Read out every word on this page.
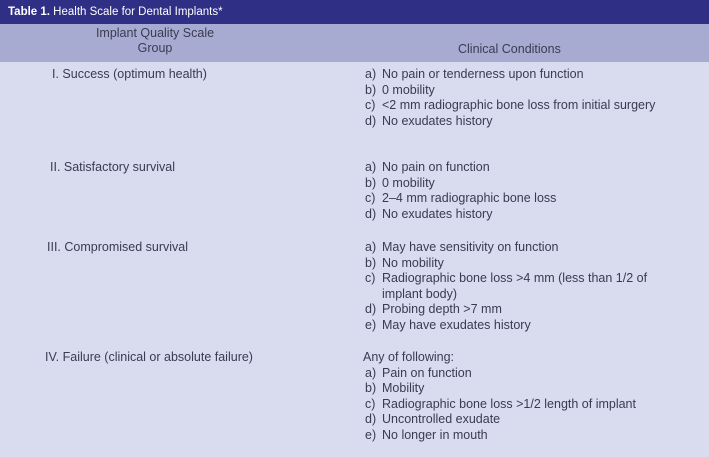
Table 1. Health Scale for Dental Implants*
Implant Quality Scale
Group	Clinical Conditions
I. Success (optimum health)	a) No pain or tenderness upon function
b) 0 mobility
c) <2 mm radiographic bone loss from initial surgery
d) No exudates history
II. Satisfactory survival	a) No pain on function
b) 0 mobility
c) 2–4 mm radiographic bone loss
d) No exudates history
III. Compromised survival	a) May have sensitivity on function
b) No mobility
c) Radiographic bone loss >4 mm (less than 1/2 of implant body)
d) Probing depth >7 mm
e) May have exudates history
IV. Failure (clinical or absolute failure)	Any of following:
a) Pain on function
b) Mobility
c) Radiographic bone loss >1/2 length of implant
d) Uncontrolled exudate
e) No longer in mouth
